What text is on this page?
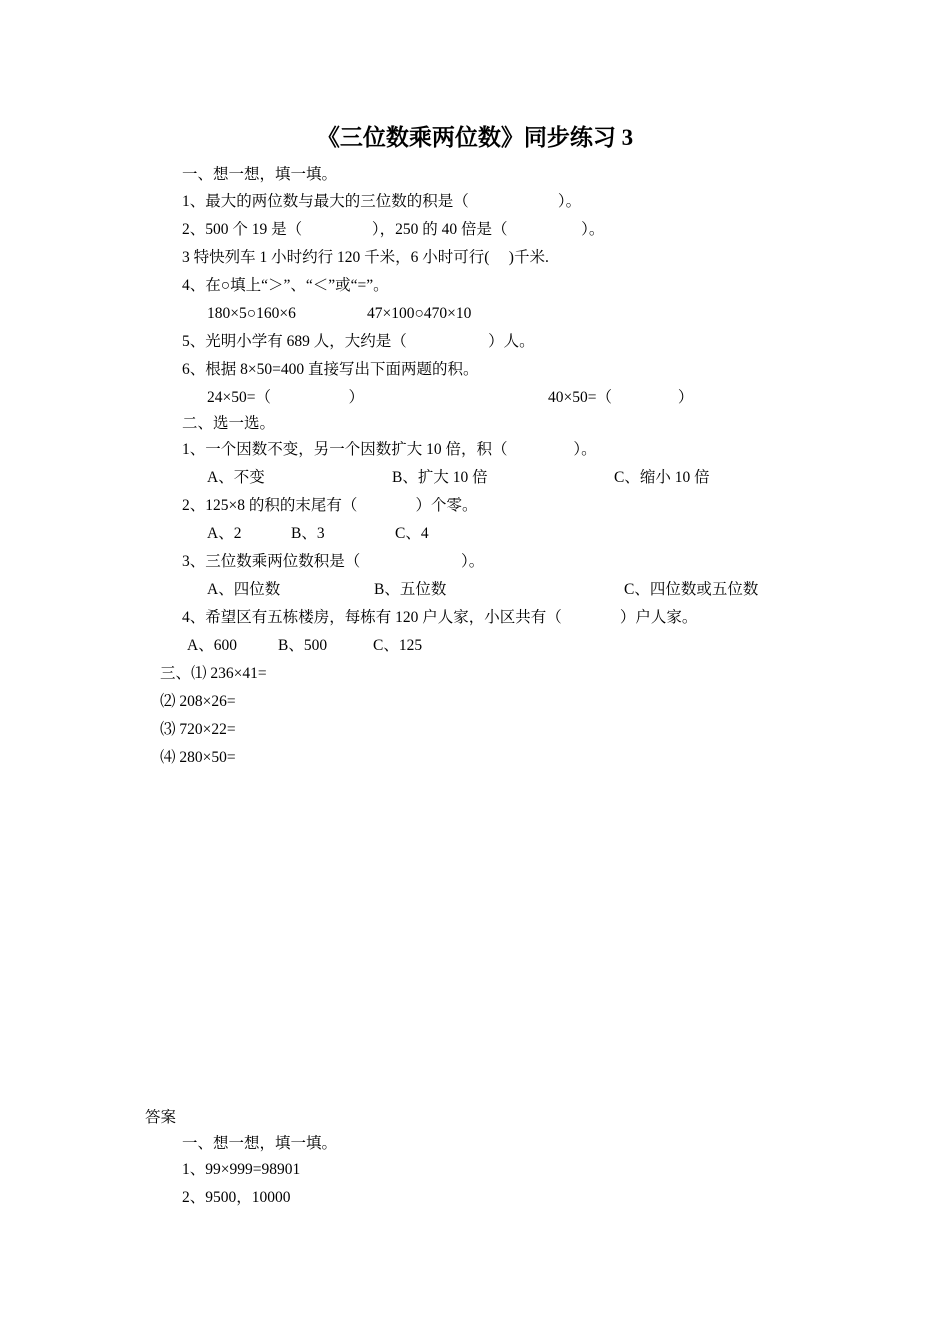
《三位数乘两位数》同步练习 3
一、想一想，填一填。
1、最大的两位数与最大的三位数的积是（                       ）。
2、500 个 19 是（                  ），250 的 40 倍是（                   ）。
3 特快列车 1 小时约行 120 千米，6 小时可行(     )千米.
4、在○填上“＞”、“＜”或“=”。
180×5○160×6	47×100○470×10
5、光明小学有 689 人，大约是（                     ）人。
6、根据 8×50=400 直接写出下面两题的积。
24×50=（                    ）	40×50=（                 ）
二、选一选。
1、一个因数不变，另一个因数扩大 10 倍，积（                 ）。
A、不变	B、扩大 10 倍	C、缩小 10 倍
2、125×8 的积的末尾有（               ）个零。
A、2	B、3	C、4
3、三位数乘两位数积是（                          ）。
A、四位数	B、五位数	C、四位数或五位数
4、希望区有五栋楼房，每栋有 120 户人家，小区共有（               ）户人家。
A、600	B、500	C、125
三、⑴ 236×41=
⑵ 208×26=
⑶ 720×22=
⑷ 280×50=
答案
一、想一想，填一填。
1、99×999=98901
2、9500，10000
